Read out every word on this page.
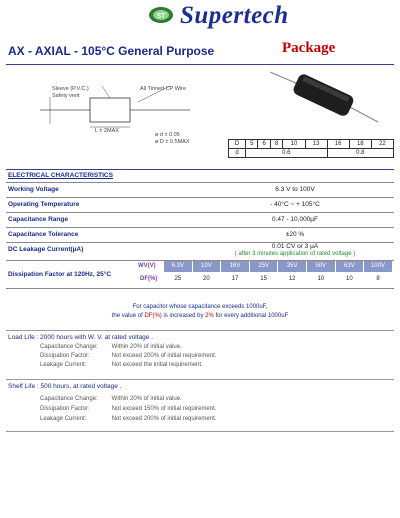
ST Supertech
AX - AXIAL - 105°C General Purpose	Package
Sleeve (P.V.C.)
Safety vent
All Tinned CP Wire
L ± 2MAX
ø d ± 0.05
ø D ± 0.5MAX	D	5	6	8	10	13	16	18	22
d	0.6					0.8		
ELECTRICAL CHARACTERISTICS
Working Voltage	6.3 V to 100V
Operating Temperature	- 40°C ~ + 105°C
Capacitance Range	0.47 - 10,000µF
Capacitance Tolerance	±20 %
DC Leakage Current(µA)	0.01 CV or 3 µA
( after 3 minutes application of rated voltage )
Dissipation Factor at 120Hz, 25°C
WV(V)
DF(%)
6.3V	10V	16V	25V	35V	50V	63V	100V
25	20	17	15	12	10	10	8
For capacitor whose capacitance exceeds 1000uF,
the value of DF(%) is increased by 2% for every additional 1000uF
Load Life : 2000 hours with W. V. at rated voltage .
Capacitance Change: Within 20% of initial value.
Dissipation Factor:	Not exceed 200% of initial requirement.
Leakage Current:	Not exceed the initial requirement.
Shelf Life : 500 hours, at rated voltage .
Capacitance Change: Within 20% of initial value.
Dissipation Factor:	Not exceed 150% of initial requirement.
Leakage Current:	Not exceed 200% of initial requirement.
